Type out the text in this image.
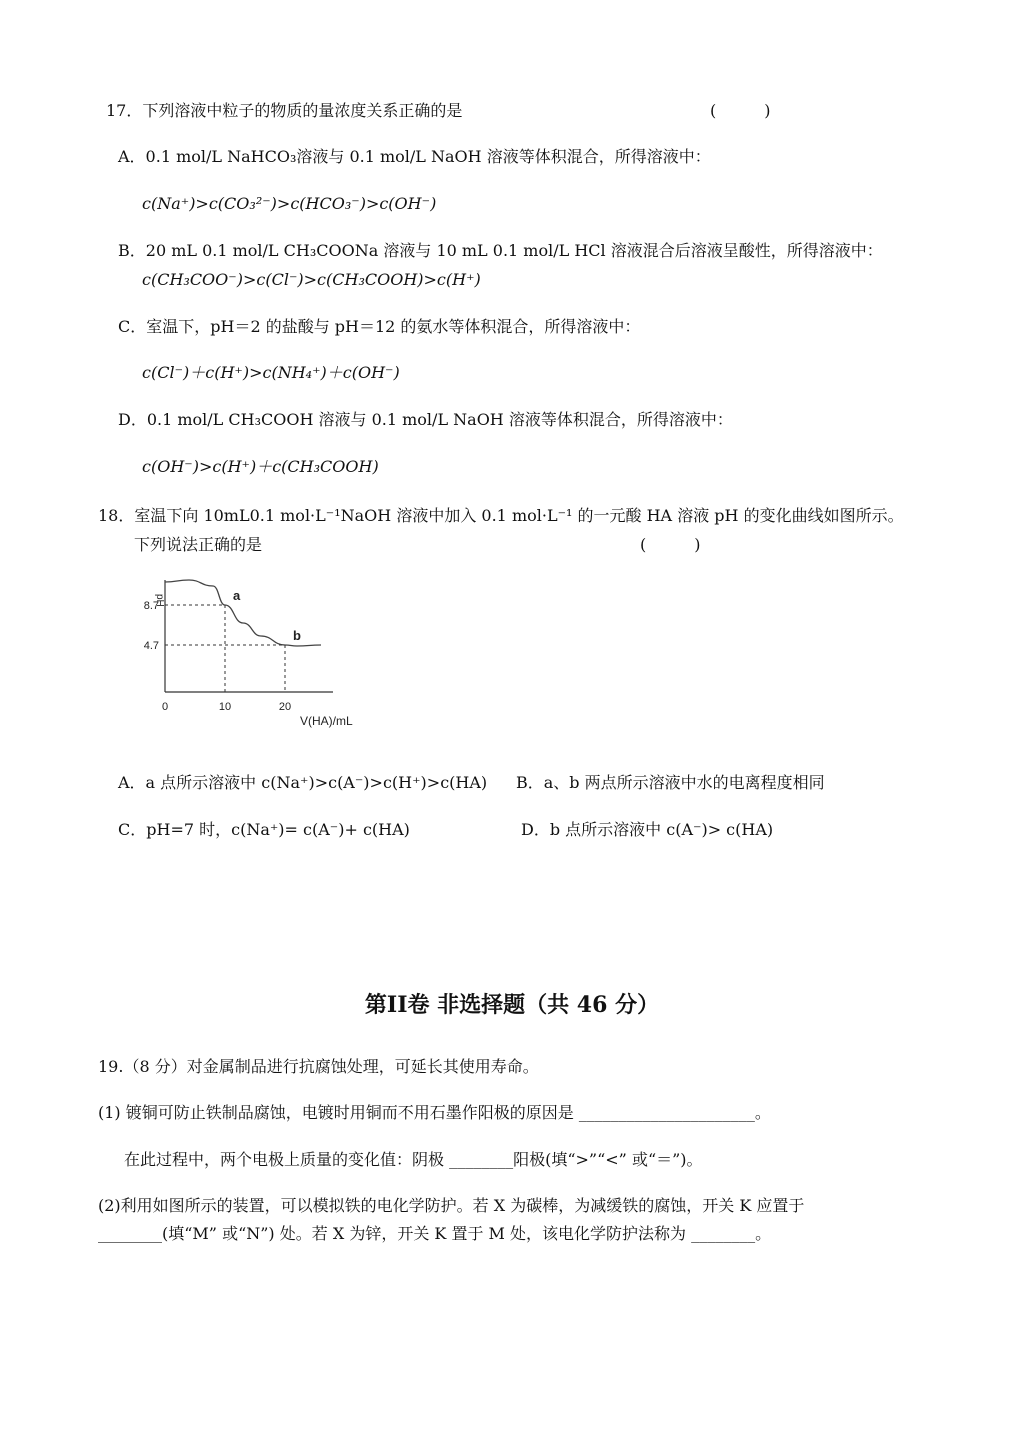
17．下列溶液中粒子的物质的量浓度关系正确的是	(　　　)
A．0.1 mol/L NaHCO₃溶液与 0.1 mol/L NaOH 溶液等体积混合，所得溶液中：
c(Na⁺)>c(CO₃²⁻)>c(HCO₃⁻)>c(OH⁻)
B．20 mL 0.1 mol/L CH₃COONa 溶液与 10 mL 0.1 mol/L HCl 溶液混合后溶液呈酸性，所得溶液中：
c(CH₃COO⁻)>c(Cl⁻)>c(CH₃COOH)>c(H⁺)
C．室温下，pH＝2 的盐酸与 pH＝12 的氨水等体积混合，所得溶液中：
c(Cl⁻)＋c(H⁺)>c(NH₄⁺)＋c(OH⁻)
D．0.1 mol/L CH₃COOH 溶液与 0.1 mol/L NaOH 溶液等体积混合，所得溶液中：
c(OH⁻)>c(H⁺)＋c(CH₃COOH)
18．室温下向 10mL0.1 mol·L⁻¹NaOH 溶液中加入 0.1 mol·L⁻¹ 的一元酸 HA 溶液 pH 的变化曲线如图所示。
下列说法正确的是	(　　　)
pH
V(HA)/mL
a
b
8.7
4.7
0	10	20
A．a 点所示溶液中 c(Na⁺)>c(A⁻)>c(H⁺)>c(HA) B．a、b 两点所示溶液中水的电离程度相同
C．pH=7 时，c(Na⁺)= c(A⁻)+ c(HA)	D．b 点所示溶液中 c(A⁻)> c(HA)
第II卷 非选择题（共 46 分）
19.（8 分）对金属制品进行抗腐蚀处理，可延长其使用寿命。
(1) 镀铜可防止铁制品腐蚀，电镀时用铜而不用石墨作阳极的原因是 ______________________。
在此过程中，两个电极上质量的变化值：阴极 ________阳极(填“>”“<” 或“＝”)。
(2)利用如图所示的装置，可以模拟铁的电化学防护。若 X 为碳棒，为减缓铁的腐蚀，开关 K 应置于
________(填“M” 或“N”) 处。若 X 为锌，开关 K 置于 M 处，该电化学防护法称为 ________。
